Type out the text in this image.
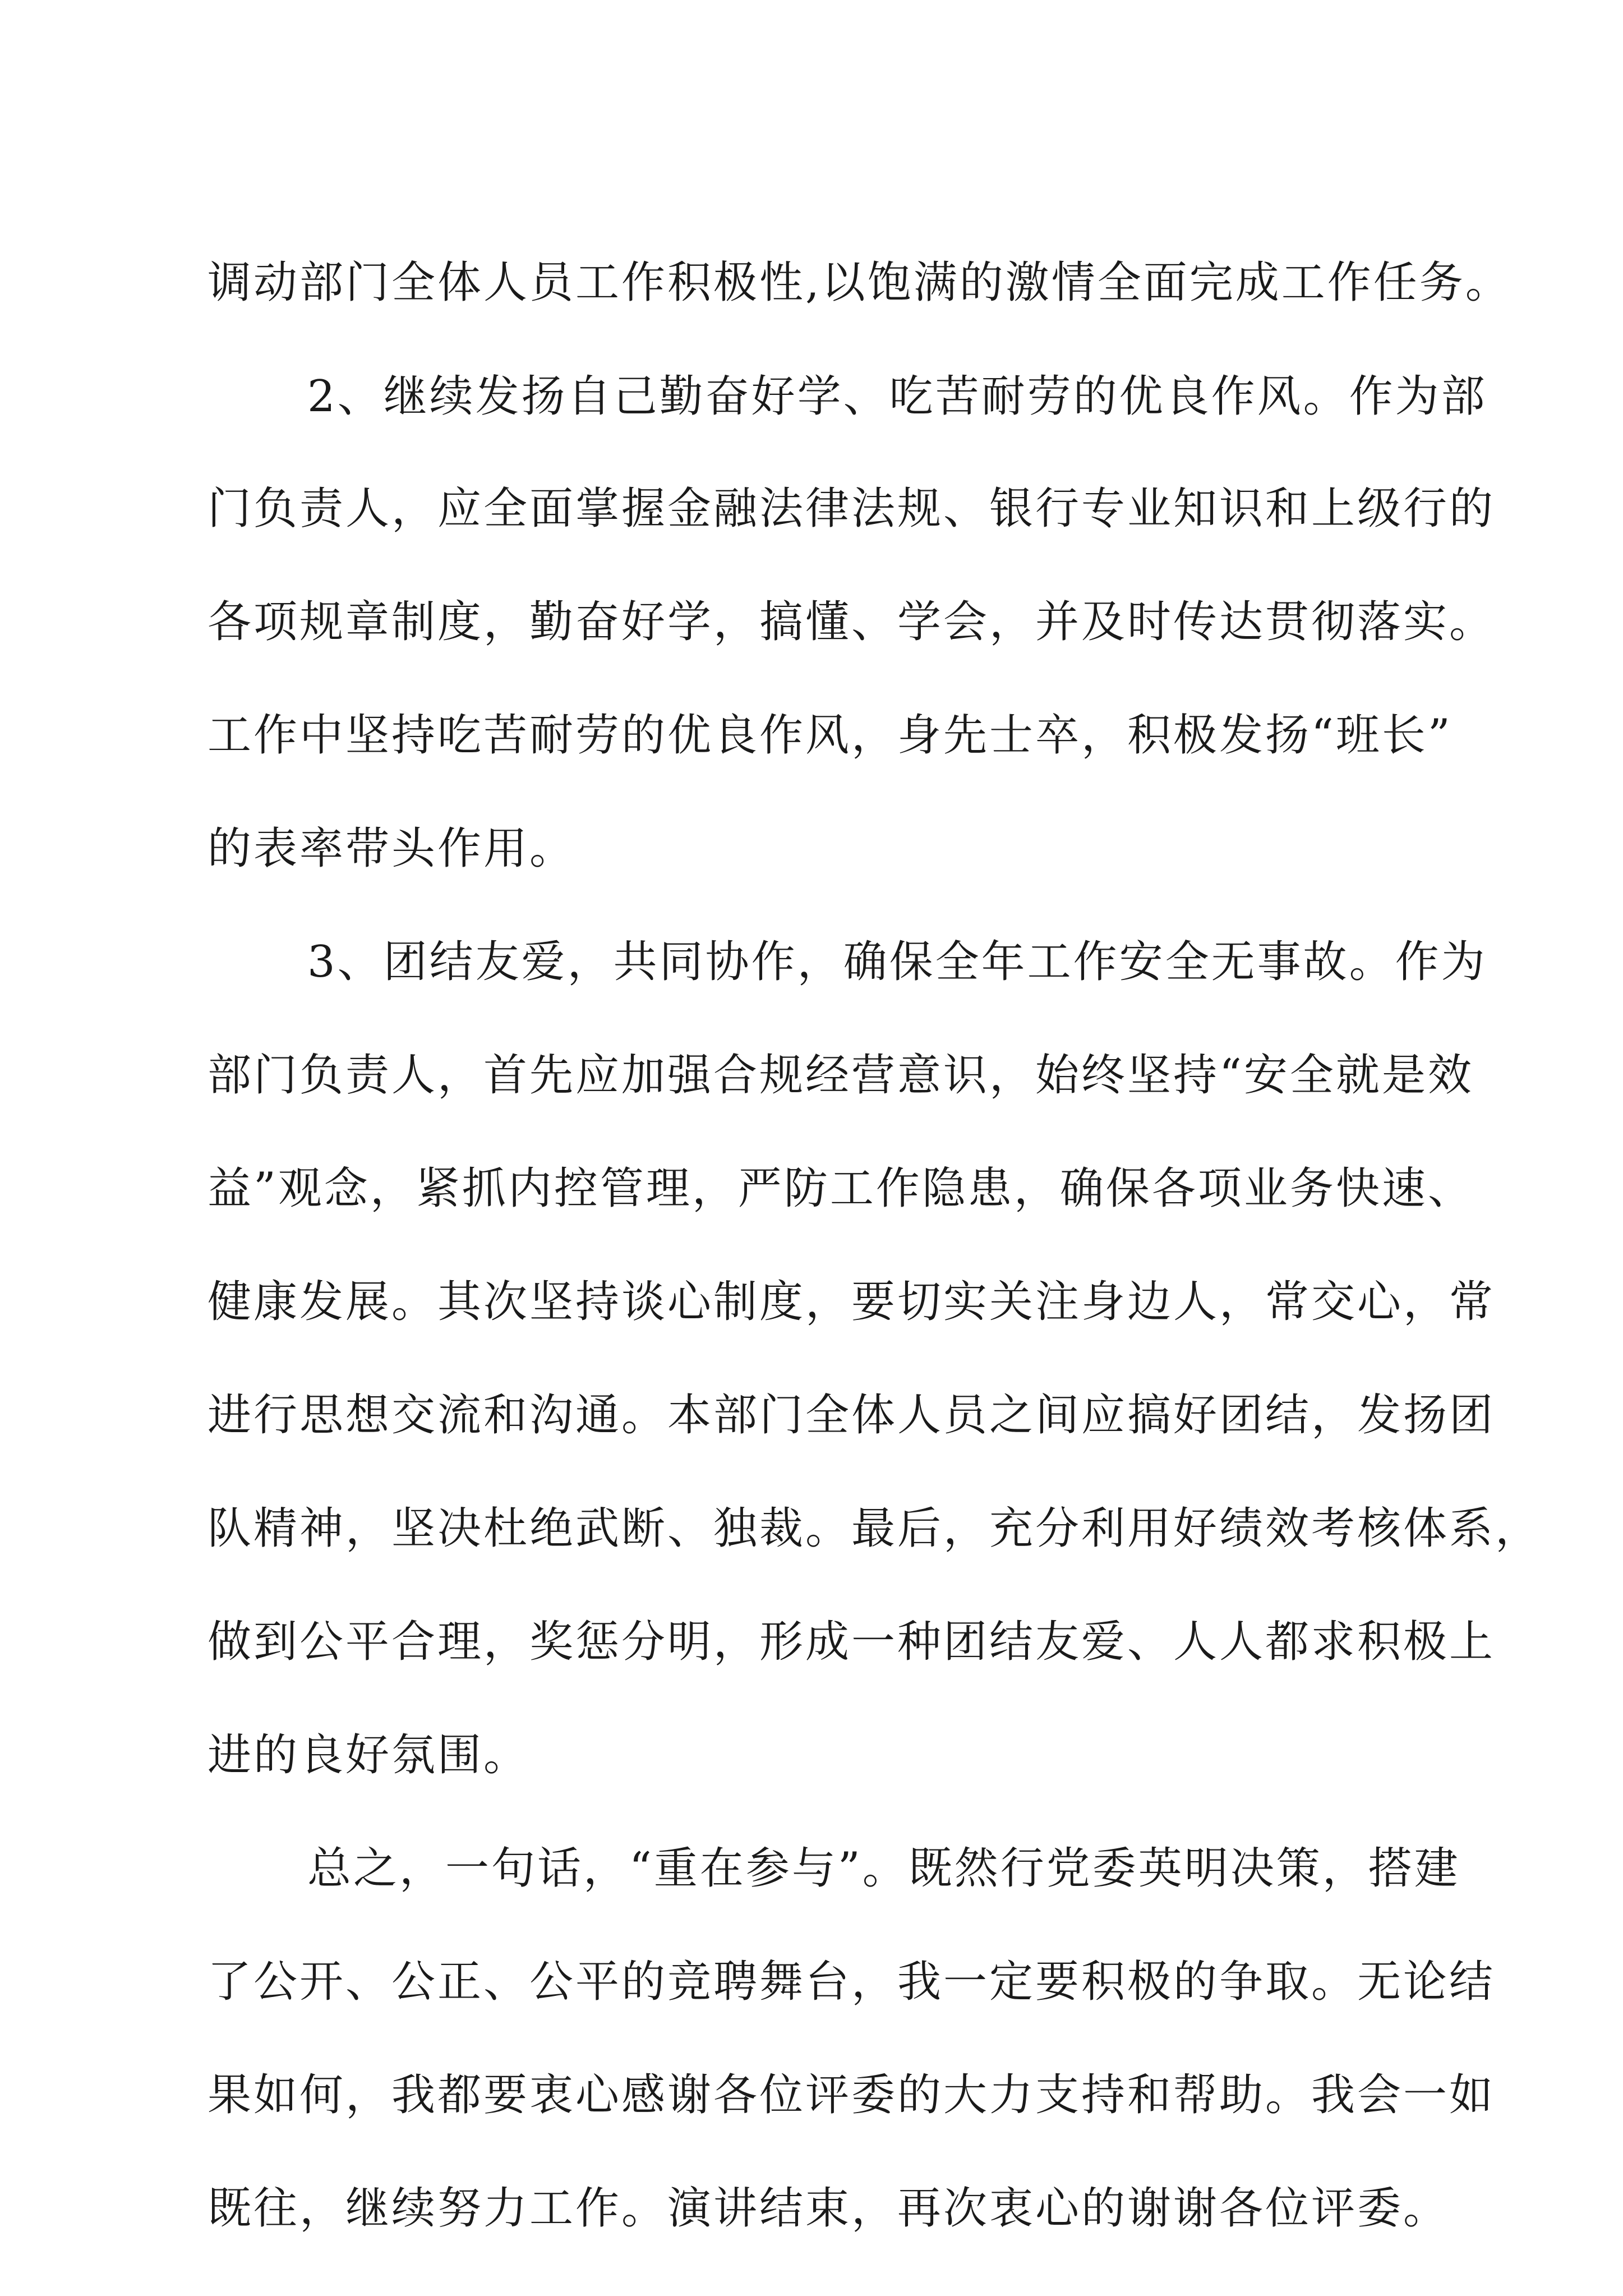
调动部门全体人员工作积极性,以饱满的激情全面完成工作任务。

2、继续发扬自己勤奋好学、吃苦耐劳的优良作风。作为部

门负责人，应全面掌握金融法律法规、银行专业知识和上级行的

各项规章制度，勤奋好学，搞懂、学会，并及时传达贯彻落实。

工作中坚持吃苦耐劳的优良作风，身先士卒，积极发扬“班长”

的表率带头作用。

3、团结友爱，共同协作，确保全年工作安全无事故。作为

部门负责人，首先应加强合规经营意识，始终坚持“安全就是效

益”观念，紧抓内控管理，严防工作隐患，确保各项业务快速、

健康发展。其次坚持谈心制度，要切实关注身边人，常交心，常

进行思想交流和沟通。本部门全体人员之间应搞好团结，发扬团

队精神，坚决杜绝武断、独裁。最后，充分利用好绩效考核体系，

做到公平合理，奖惩分明，形成一种团结友爱、人人都求积极上

进的良好氛围。

总之，一句话，“重在参与”。既然行党委英明决策，搭建

了公开、公正、公平的竞聘舞台，我一定要积极的争取。无论结

果如何，我都要衷心感谢各位评委的大力支持和帮助。我会一如

既往，继续努力工作。演讲结束，再次衷心的谢谢各位评委。
